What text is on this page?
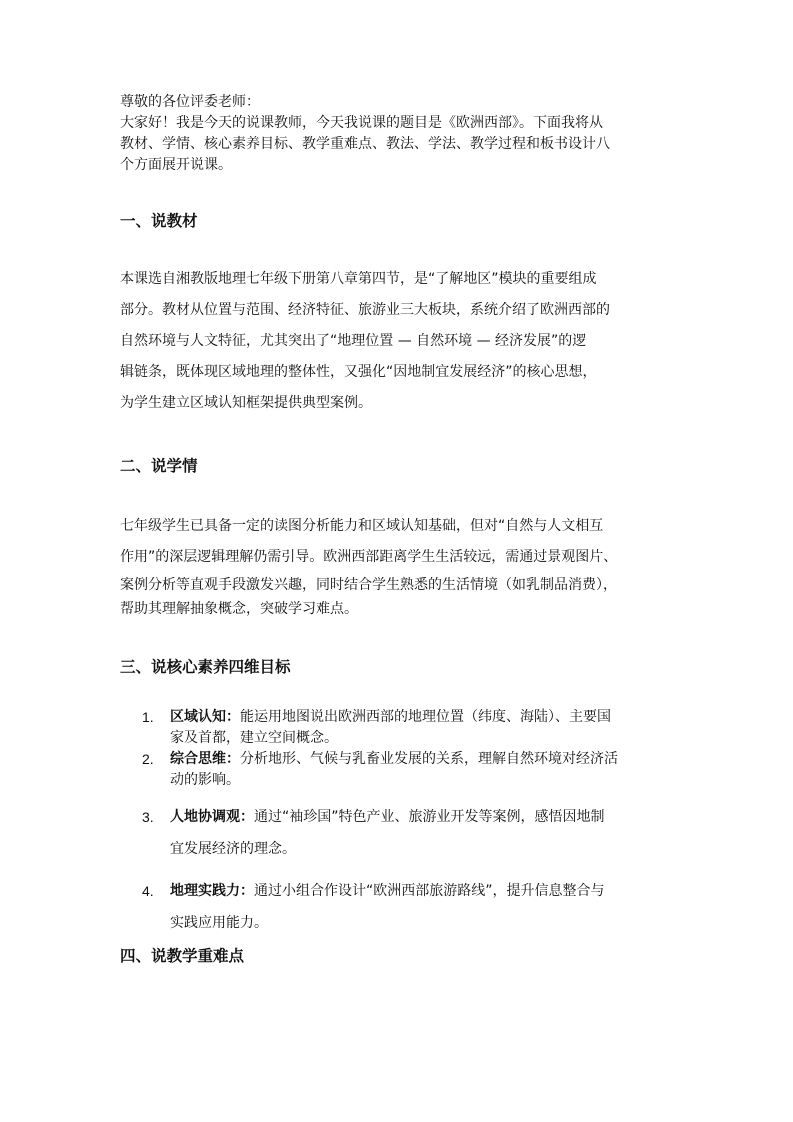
尊敬的各位评委老师：
大家好！我是今天的说课教师，今天我说课的题目是《欧洲西部》。下面我将从
教材、学情、核心素养目标、教学重难点、教法、学法、教学过程和板书设计八
个方面展开说课。
一、说教材
本课选自湘教版地理七年级下册第八章第四节，是“了解地区”模块的重要组成
部分。教材从位置与范围、经济特征、旅游业三大板块，系统介绍了欧洲西部的
自然环境与人文特征，尤其突出了“地理位置 — 自然环境 — 经济发展”的逻
辑链条，既体现区域地理的整体性，又强化“因地制宜发展经济”的核心思想，
为学生建立区域认知框架提供典型案例。
二、说学情
七年级学生已具备一定的读图分析能力和区域认知基础，但对“自然与人文相互
作用”的深层逻辑理解仍需引导。欧洲西部距离学生生活较远，需通过景观图片、
案例分析等直观手段激发兴趣，同时结合学生熟悉的生活情境（如乳制品消费），
帮助其理解抽象概念，突破学习难点。
三、说核心素养四维目标
1. 区域认知：能运用地图说出欧洲西部的地理位置（纬度、海陆）、主要国
家及首都，建立空间概念。
2. 综合思维：分析地形、气候与乳畜业发展的关系，理解自然环境对经济活
动的影响。
3. 人地协调观：通过“袖珍国”特色产业、旅游业开发等案例，感悟因地制
宜发展经济的理念。
4. 地理实践力：通过小组合作设计“欧洲西部旅游路线”，提升信息整合与
实践应用能力。
四、说教学重难点
